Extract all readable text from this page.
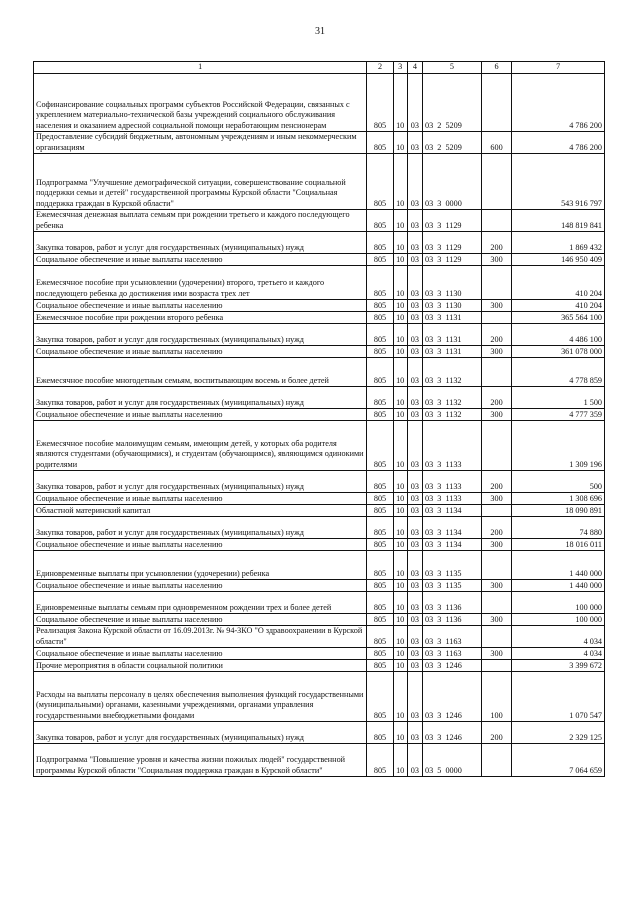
31
1	2	3	4	5	6	7
Софинансирование социальных программ субъектов Российской Федерации, связанных с укреплением материально-технической базы учреждений социального обслуживания населения и оказанием адресной социальной помощи неработающим пенсионерам	805	10	03	03  2  5209		4 786 200
Предоставление субсидий бюджетным, автономным учреждениям и иным некоммерческим организациям	805	10	03	03  2  5209	600	4 786 200
Подпрограмма "Улучшение демографической ситуации, совершенствование социальной поддержки семьи и детей" государственной программы Курской области "Социальная поддержка граждан в Курской области"	805	10	03	03  3  0000		543 916 797
Ежемесячная денежная выплата семьям при рождении третьего и каждого последующего ребенка	805	10	03	03  3  1129		148 819 841
Закупка товаров, работ и услуг для государственных (муниципальных) нужд	805	10	03	03  3  1129	200	1 869 432
Социальное обеспечение и иные выплаты населению	805	10	03	03  3  1129	300	146 950 409
Ежемесячное пособие при усыновлении (удочерении) второго, третьего и каждого последующего ребенка до достижения ими возраста трех лет	805	10	03	03  3  1130		410 204
Социальное обеспечение и иные выплаты населению	805	10	03	03  3  1130	300	410 204
Ежемесячное пособие при рождении второго ребенка	805	10	03	03  3  1131		365 564 100
Закупка товаров, работ и услуг для государственных (муниципальных) нужд	805	10	03	03  3  1131	200	4 486 100
Социальное обеспечение и иные выплаты населению	805	10	03	03  3  1131	300	361 078 000
Ежемесячное пособие многодетным семьям, воспитывающим восемь и более детей	805	10	03	03  3  1132		4 778 859
Закупка товаров, работ и услуг для государственных (муниципальных) нужд	805	10	03	03  3  1132	200	1 500
Социальное обеспечение и иные выплаты населению	805	10	03	03  3  1132	300	4 777 359
Ежемесячное пособие малоимущим семьям, имеющим детей, у которых оба родителя являются студентами (обучающимися), и студентам (обучающимся), являющимся одинокими родителями	805	10	03	03  3  1133		1 309 196
Закупка товаров, работ и услуг для государственных (муниципальных) нужд	805	10	03	03  3  1133	200	500
Социальное обеспечение и иные выплаты населению	805	10	03	03  3  1133	300	1 308 696
Областной материнский капитал	805	10	03	03  3  1134		18 090 891
Закупка товаров, работ и услуг для государственных (муниципальных) нужд	805	10	03	03  3  1134	200	74 880
Социальное обеспечение и иные выплаты населению	805	10	03	03  3  1134	300	18 016 011
Единовременные выплаты при усыновлении (удочерении) ребенка	805	10	03	03  3  1135		1 440 000
Социальное обеспечение и иные выплаты населению	805	10	03	03  3  1135	300	1 440 000
Единовременные выплаты семьям при одновременном рождении трех и более детей	805	10	03	03  3  1136		100 000
Социальное обеспечение и иные выплаты населению	805	10	03	03  3  1136	300	100 000
Реализация Закона Курской области от 16.09.2013г. № 94-ЗКО "О здравоохранении в Курской области"	805	10	03	03  3  1163		4 034
Социальное обеспечение и иные выплаты населению	805	10	03	03  3  1163	300	4 034
Прочие мероприятия в области социальной политики	805	10	03	03  3  1246		3 399 672
Расходы на выплаты персоналу в целях обеспечения выполнения функций государственными (муниципальными) органами, казенными учреждениями, органами управления государственными внебюджетными фондами	805	10	03	03  3  1246	100	1 070 547
Закупка товаров, работ и услуг для государственных (муниципальных) нужд	805	10	03	03  3  1246	200	2 329 125
Подпрограмма "Повышение уровня и качества жизни пожилых людей" государственной программы Курской области "Социальная поддержка граждан в Курской области"	805	10	03	03  5  0000		7 064 659
